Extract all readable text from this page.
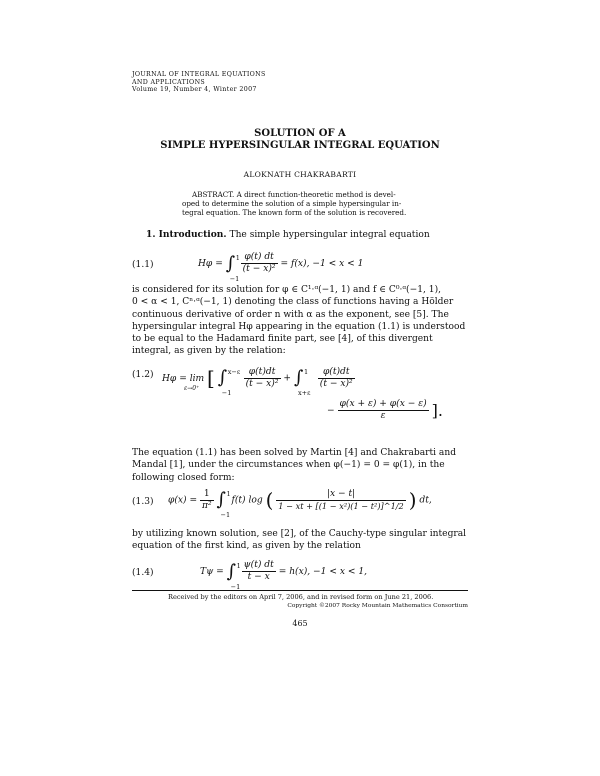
JOURNAL OF INTEGRAL EQUATIONS
AND APPLICATIONS
Volume 19, Number 4, Winter 2007
SOLUTION OF A
SIMPLE HYPERSINGULAR INTEGRAL EQUATION
ALOKNATH CHAKRABARTI
ABSTRACT. A direct function-theoretic method is devel-
oped to determine the solution of a simple hypersingular in-
tegral equation. The known form of the solution is recovered.
1. Introduction. The simple hypersingular integral equation
(1.1)	Hφ = ∫ 1
−1

$\frac{\varphi(t) dt}{\text{(t − x)²}} = f(x)$, −1 < x < 1
is considered for its solution for φ ∈ C¹·ᵅ(−1, 1) and f ∈ C⁰·ᵅ(−1, 1),
0 < α < 1, Cⁿ·ᵅ(−1, 1) denoting the class of functions having a Hölder
continuous derivative of order n with α as the exponent, see [5]. The
hypersingular integral Hφ appearing in the equation (1.1) is understood
to be equal to the Hadamard finite part, see [4], of this divergent
integral, as given by the relation:
(1.2) Hφ = lim
ε→0⁺ [ ∫ x−ε
−1

$\frac{\varphi(t)dt}{\text{(t − x)²}}$ + ∫ 1
x+ε

$\frac{\varphi(t)dt}{\text{(t − x)²}}$
− $\frac{\varphi(x + \varepsilon) + \varphi(x - \varepsilon)}{\varepsilon}$ ].
The equation (1.1) has been solved by Martin [4] and Chakrabarti and
Mandal [1], under the circumstances when φ(−1) = 0 = φ(1), in the
following closed form:
(1.3) $\varphi(x) = \frac{1}{\text{π²}}$ ∫ 1
−1
f(t) log ( $\frac{|x - t|}{\text{1 − xt + [(1 − x²)(1 − t²)]\textasciicircum{}1/2}}$ ) dt,
by utilizing known solution, see [2], of the Cauchy-type singular integral
equation of the first kind, as given by the relation
(1.4)	Tψ = ∫ 1
−1

$\frac{\psi(t) dt}{t - x} = h(x)$, −1 < x < 1,
Received by the editors on April 7, 2006, and in revised form on June 21, 2006.
Copyright ©2007 Rocky Mountain Mathematics Consortium
465
